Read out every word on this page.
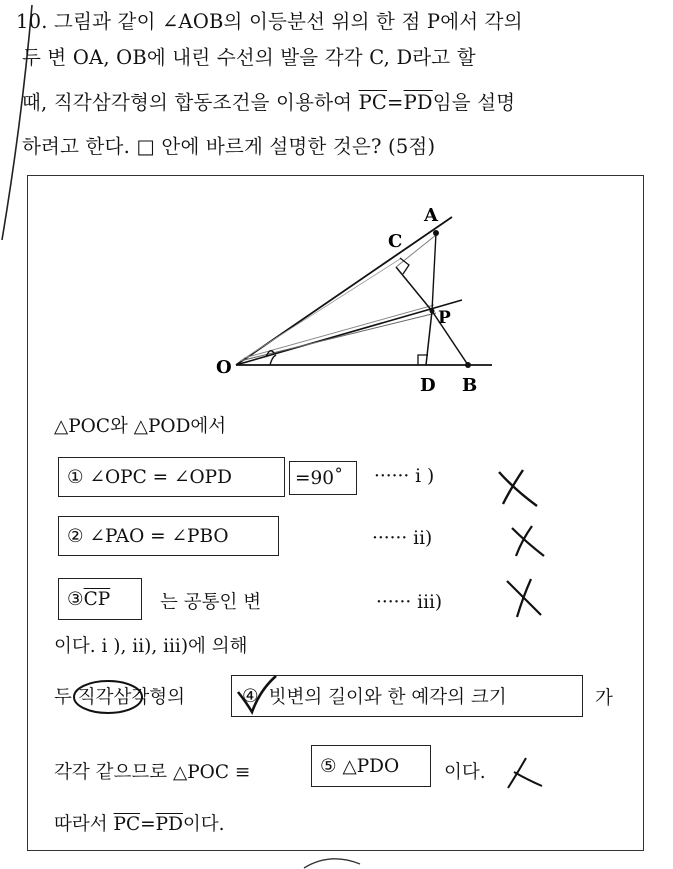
10. 그림과 같이 ∠AOB의 이등분선 위의 한 점 P에서 각의
두 변 OA, OB에 내린 수선의 발을 각각 C, D라고 할
때, 직각삼각형의 합동조건을 이용하여 $\overline{PC}=\overline{PD}$임을 설명
하려고 한다. □ 안에 바르게 설명한 것은? (5점)
A
C
P
O
D B
△POC와 △POD에서
① ∠OPC = ∠OPD	=90˚	······ i )
② ∠PAO = ∠PBO	······ ii)
③ $\overline{CP}$	는 공통인 변	······ iii)
이다. i ), ii), iii)에 의해
두 직각삼각형의	④ 빗변의 길이와 한 예각의 크기	가
각각 같으므로 △POC ≡	⑤ △PDO	이다.
따라서 $\overline{PC}=\overline{PD}$이다.
